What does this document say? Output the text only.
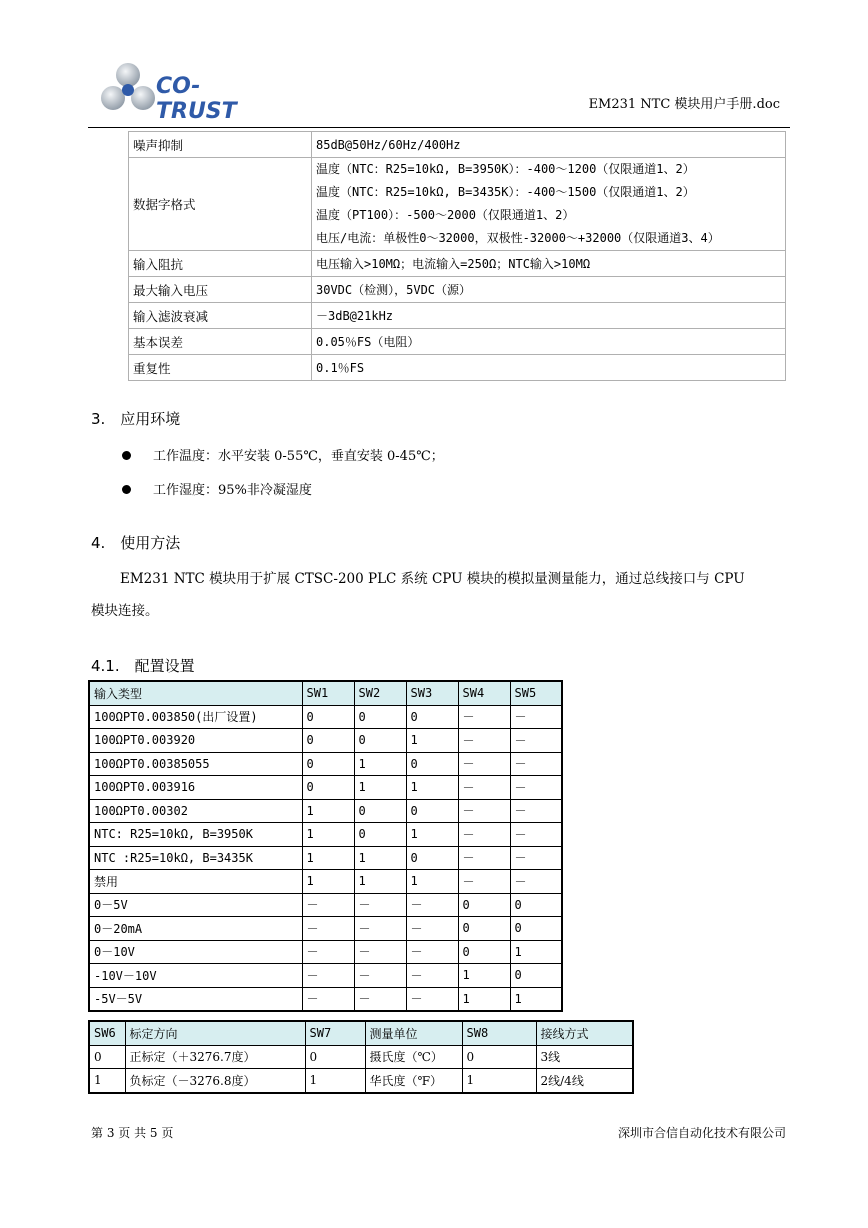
CO-TRUST	EM231 NTC 模块用户手册.doc
噪声抑制	85dB@50Hz/60Hz/400Hz
数据字格式	温度（NTC：R25=10kΩ, B=3950K）：-400～1200（仅限通道1、2）
温度（NTC：R25=10kΩ, B=3435K）：-400～1500（仅限通道1、2）
温度（PT100）：-500～2000（仅限通道1、2）
电压/电流：单极性0～32000，双极性-32000～+32000（仅限通道3、4）

输入阻抗	电压输入>10MΩ；电流输入=250Ω；NTC输入>10MΩ
最大输入电压	30VDC（检测），5VDC（源）
输入滤波衰减	－3dB@21kHz
基本误差	0.05％FS（电阻）
重复性	0.1％FS
3.　应用环境
工作温度：水平安装 0-55℃，垂直安装 0-45℃；
工作湿度：95%非冷凝湿度
4.　使用方法
EM231 NTC 模块用于扩展 CTSC-200 PLC 系统 CPU 模块的模拟量测量能力，通过总线接口与 CPU
模块连接。
4.1.　配置设置
输入类型	SW1	SW2	SW3	SW4	SW5
100ΩPT0.003850(出厂设置)	0	0	0	－	－
100ΩPT0.003920	0	0	1	－	－
100ΩPT0.00385055	0	1	0	－	－
100ΩPT0.003916	0	1	1	－	－
100ΩPT0.00302	1	0	0	－	－
NTC: R25=10kΩ, B=3950K	1	0	1	－	－
NTC :R25=10kΩ, B=3435K	1	1	0	－	－
禁用	1	1	1	－	－
0－5V	－	－	－	0	0
0－20mA	－	－	－	0	0
0－10V	－	－	－	0	1
-10V－10V	－	－	－	1	0
-5V－5V	－	－	－	1	1
SW6	标定方向	SW7	测量单位	SW8	接线方式
0	正标定（＋3276.7度）	0	摄氏度（℃）	0	3线
1	负标定（－3276.8度）	1	华氏度（℉）	1	2线/4线
第 3 页 共 5 页	深圳市合信自动化技术有限公司
